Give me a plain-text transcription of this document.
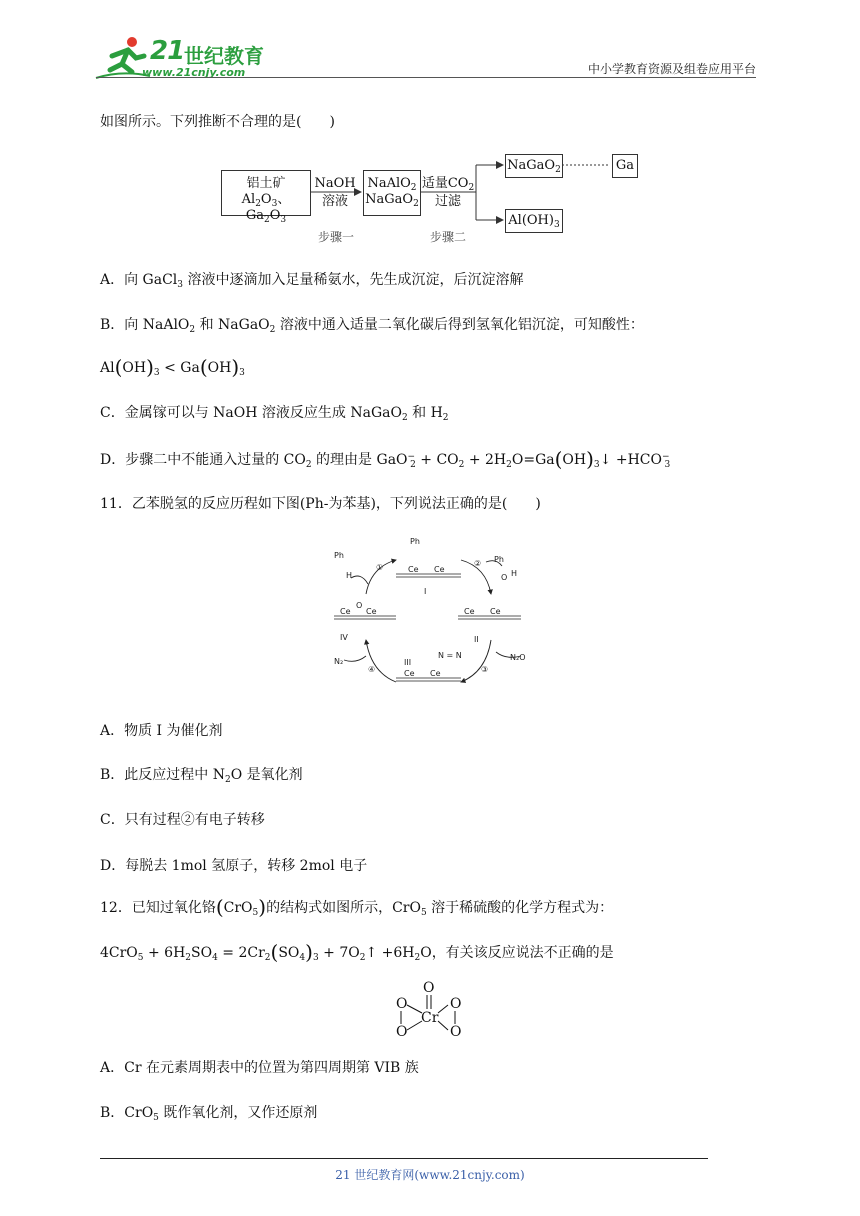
21 世纪教育
www.21cnjy.com	中小学教育资源及组卷应用平台
如图所示。下列推断不合理的是(　　)
铝土矿
$Al_2O_3$、$Ga_2O_3$
NaOH
溶液
NaAlO$_2$
NaGaO$_2$
适量$CO_2$
过滤
NaGaO$_2$	Ga
$Al(OH)_3$
步骤一	步骤二
A．向 GaCl$_3$ 溶液中逐滴加入足量稀氨水，先生成沉淀，后沉淀溶解
B．向 NaAlO$_2$ 和 NaGaO$_2$ 溶液中通入适量二氧化碳后得到氢氧化铝沉淀，可知酸性：
$Al(OH)_3 < Ga(OH)_3$
C．金属镓可以与 NaOH 溶液反应生成 NaGaO$_2$ 和 $H_2$
D．步骤二中不能通入过量的 $CO_2$ 的理由是 $GaO^-_2 + CO_2$ + $2H_2O=Ga(OH)_3↓ +HCO^-_3$
11．乙苯脱氢的反应历程如下图(Ph-为苯基)，下列说法正确的是(　　)
①	②
③
④
I
II
III
IV
Ph
Ph	Ph
N₂O
N₂
N = N
Ce Ce
Ce Ce
Ce Ce
Ce Ce
H	H
O
O
A．物质 I 为催化剂
B．此反应过程中 $N_2O$ 是氧化剂
C．只有过程②有电子转移
D．每脱去 1mol 氢原子，转移 2mol 电子
12．已知过氧化铬(CrO$_5$)的结构式如图所示，CrO$_5$ 溶于稀硫酸的化学方程式为：
$4CrO_5 + 6H_2SO_4 = 2Cr_2(SO_4)_3$ + $7O_2↑ +6H_2O$，有关该反应说法不正确的是
O
Cr
O
O
O
O
A．Cr 在元素周期表中的位置为第四周期第 VIB 族
B．CrO$_5$ 既作氧化剂，又作还原剂
21 世纪教育网(www.21cnjy.com)
